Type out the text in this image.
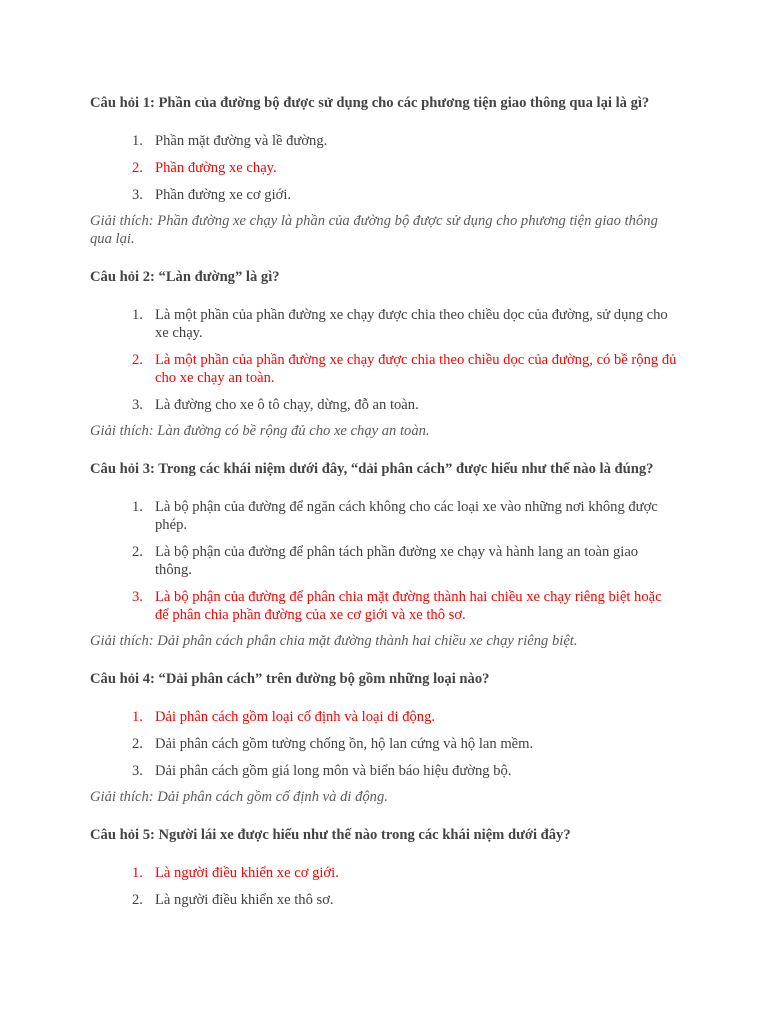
Câu hỏi 1: Phần của đường bộ được sử dụng cho các phương tiện giao thông qua lại là gì?

1. Phần mặt đường và lề đường.
2. Phần đường xe chạy.
3. Phần đường xe cơ giới.

Giải thích: Phần đường xe chạy là phần của đường bộ được sử dụng cho phương tiện giao thông qua lại.

Câu hỏi 2: “Làn đường” là gì?

1. Là một phần của phần đường xe chạy được chia theo chiều dọc của đường, sử dụng cho xe chạy.
2. Là một phần của phần đường xe chạy được chia theo chiều dọc của đường, có bề rộng đủ cho xe chạy an toàn.
3. Là đường cho xe ô tô chạy, dừng, đỗ an toàn.

Giải thích: Làn đường có bề rộng đủ cho xe chạy an toàn.

Câu hỏi 3: Trong các khái niệm dưới đây, “dải phân cách” được hiểu như thế nào là đúng?

1. Là bộ phận của đường để ngăn cách không cho các loại xe vào những nơi không được phép.
2. Là bộ phận của đường để phân tách phần đường xe chạy và hành lang an toàn giao thông.
3. Là bộ phận của đường để phân chia mặt đường thành hai chiều xe chạy riêng biệt hoặc để phân chia phần đường của xe cơ giới và xe thô sơ.

Giải thích: Dải phân cách phân chia mặt đường thành hai chiều xe chạy riêng biệt.

Câu hỏi 4: “Dải phân cách” trên đường bộ gồm những loại nào?

1. Dải phân cách gồm loại cố định và loại di động.
2. Dải phân cách gồm tường chống ồn, hộ lan cứng và hộ lan mềm.
3. Dải phân cách gồm giá long môn và biển báo hiệu đường bộ.

Giải thích: Dải phân cách gồm cố định và di động.

Câu hỏi 5: Người lái xe được hiểu như thế nào trong các khái niệm dưới đây?

1. Là người điều khiển xe cơ giới.
2. Là người điều khiển xe thô sơ.
